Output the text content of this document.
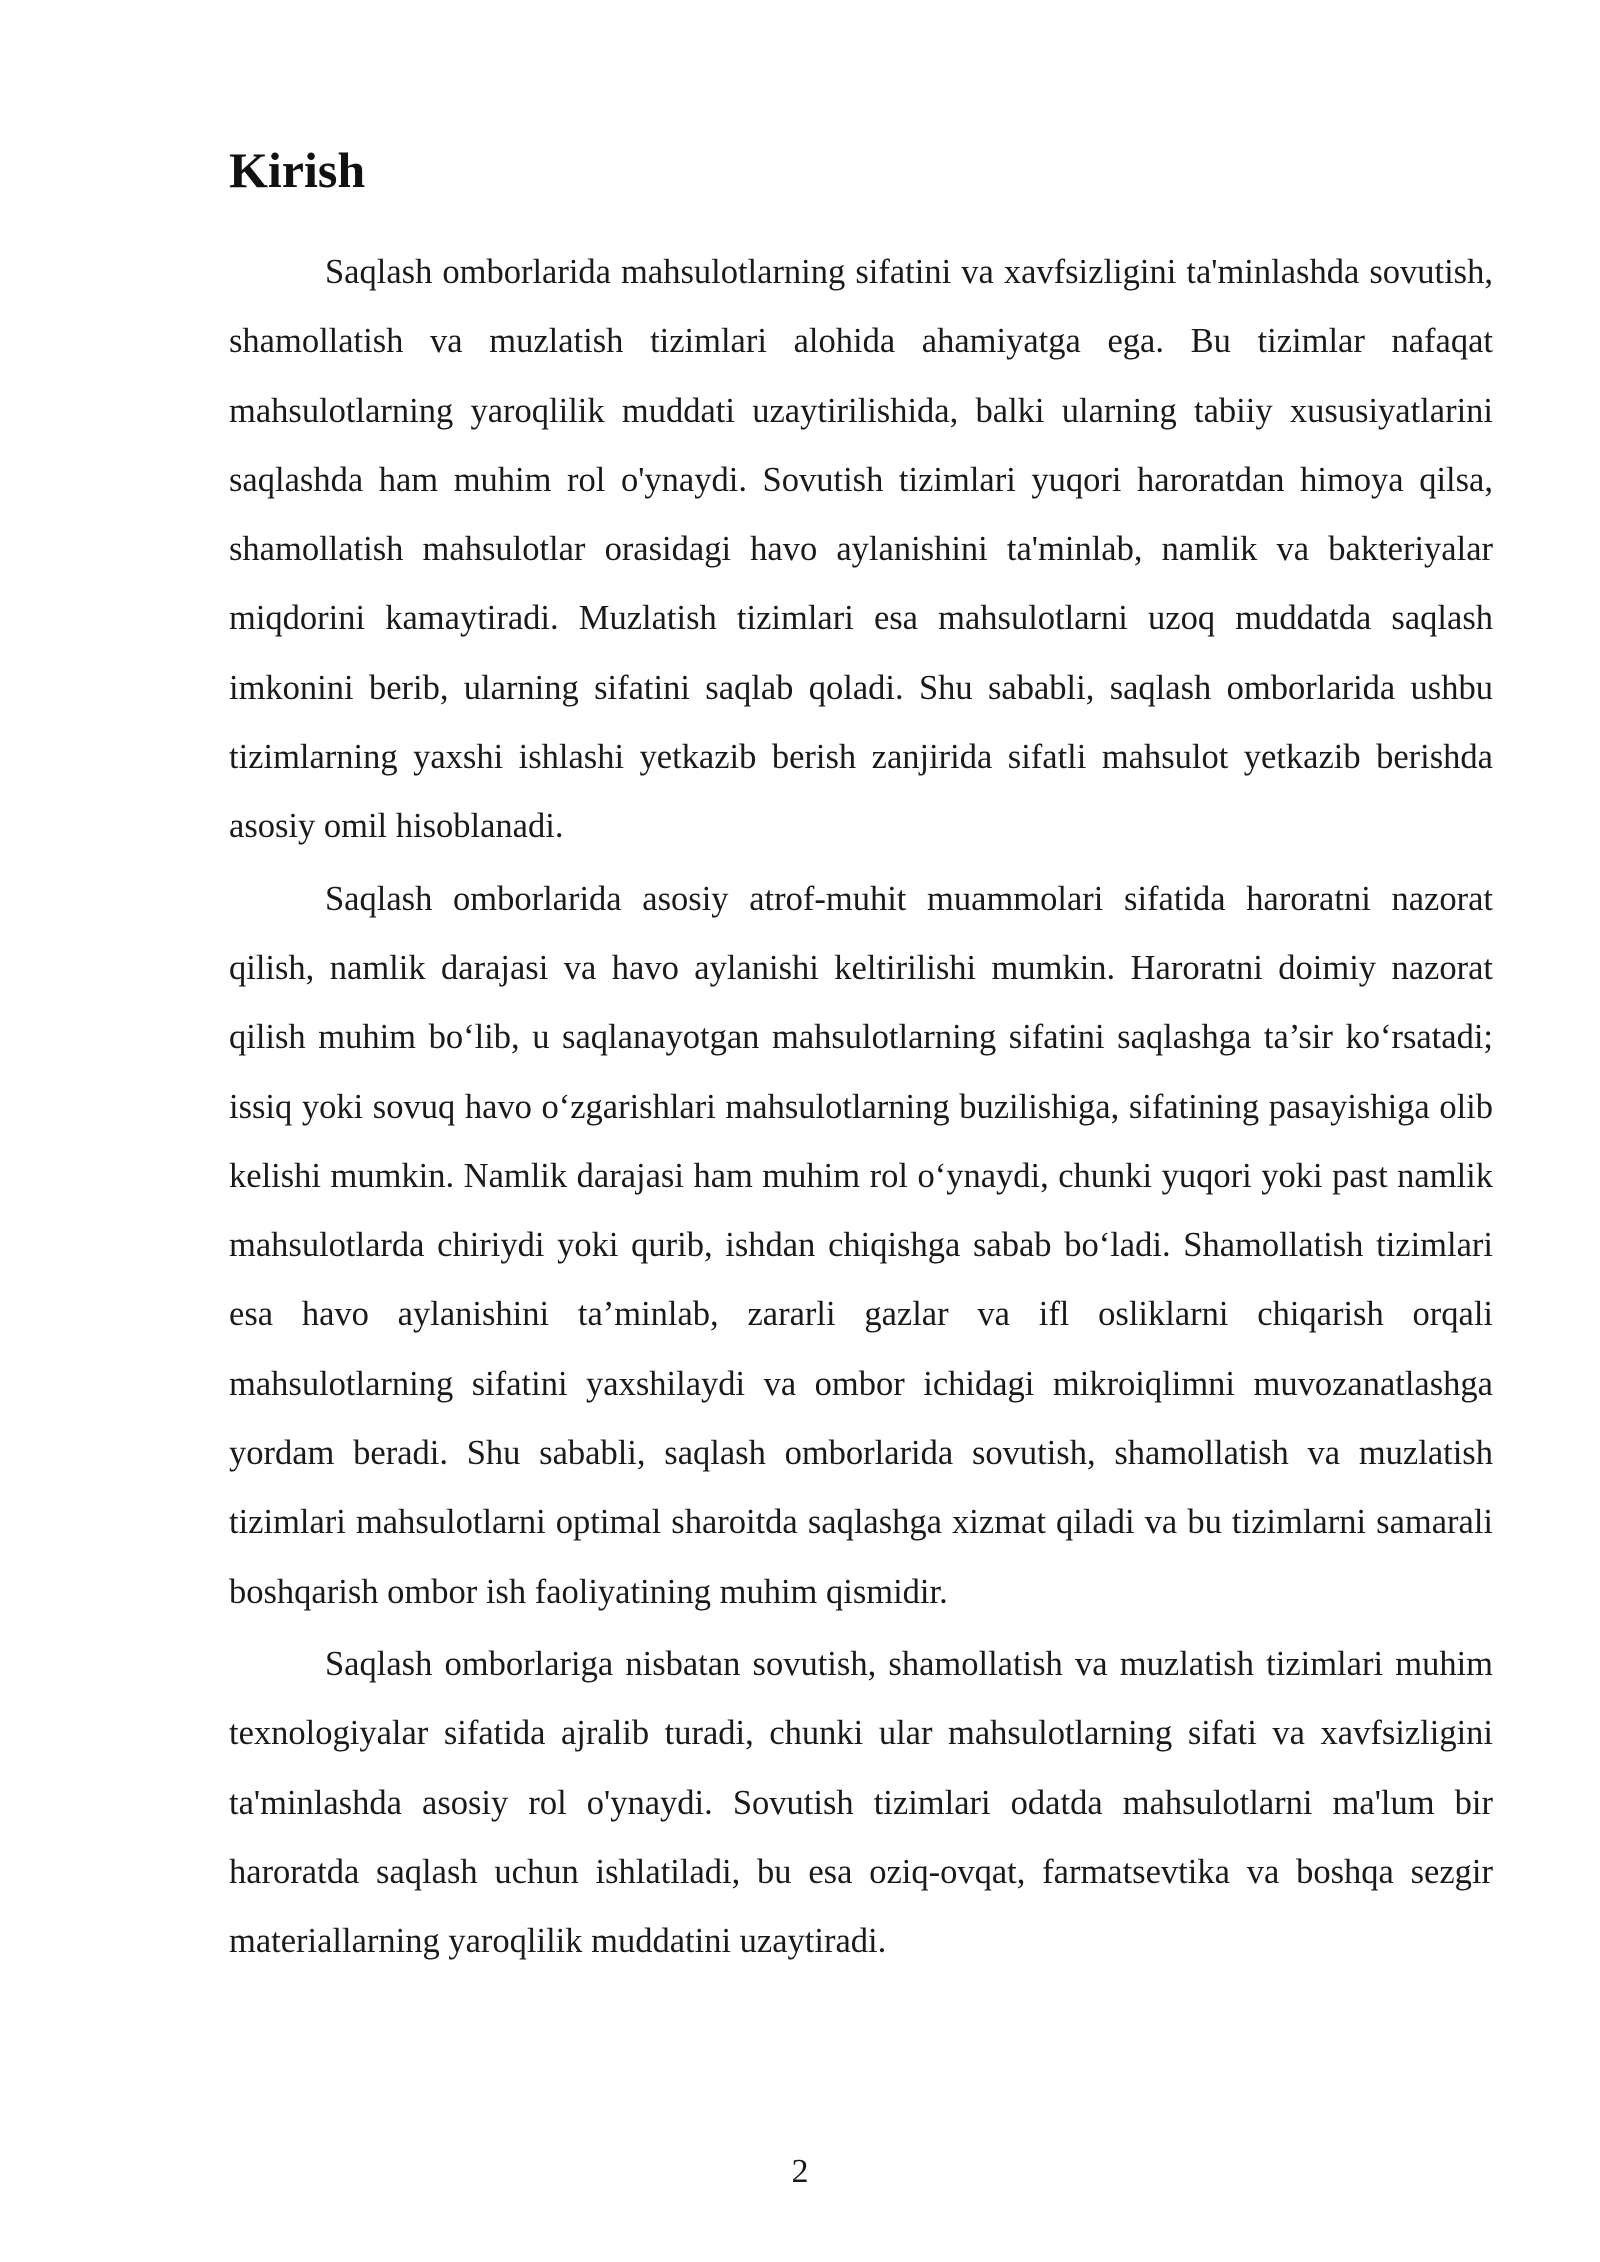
Kirish

Saqlash omborlarida mahsulotlarning sifatini va xavfsizligini ta'minlashda sovutish, shamollatish va muzlatish tizimlari alohida ahamiyatga ega. Bu tizimlar nafaqat mahsulotlarning yaroqlilik muddati uzaytirilishida, balki ularning tabiiy xususiyatlarini saqlashda ham muhim rol o'ynaydi. Sovutish tizimlari yuqori haroratdan himoya qilsa, shamollatish mahsulotlar orasidagi havo aylanishini ta'minlab, namlik va bakteriyalar miqdorini kamaytiradi. Muzlatish tizimlari esa mahsulotlarni uzoq muddatda saqlash imkonini berib, ularning sifatini saqlab qoladi. Shu sababli, saqlash omborlarida ushbu tizimlarning yaxshi ishlashi yetkazib berish zanjirida sifatli mahsulot yetkazib berishda asosiy omil hisoblanadi.

Saqlash omborlarida asosiy atrof-muhit muammolari sifatida haroratni nazorat qilish, namlik darajasi va havo aylanishi keltirilishi mumkin. Haroratni doimiy nazorat qilish muhim bo‘lib, u saqlanayotgan mahsulotlarning sifatini saqlashga ta’sir ko‘rsatadi; issiq yoki sovuq havo o‘zgarishlari mahsulotlarning buzilishiga, sifatining pasayishiga olib kelishi mumkin. Namlik darajasi ham muhim rol o‘ynaydi, chunki yuqori yoki past namlik mahsulotlarda chiriydi yoki qurib, ishdan chiqishga sabab bo‘ladi. Shamollatish tizimlari esa havo aylanishini ta’minlab, zararli gazlar va ifl osliklarni chiqarish orqali mahsulotlarning sifatini yaxshilaydi va ombor ichidagi mikroiqlimni muvozanatlashga yordam beradi. Shu sababli, saqlash omborlarida sovutish, shamollatish va muzlatish tizimlari mahsulotlarni optimal sharoitda saqlashga xizmat qiladi va bu tizimlarni samarali boshqarish ombor ish faoliyatining muhim qismidir.

Saqlash omborlariga nisbatan sovutish, shamollatish va muzlatish tizimlari muhim texnologiyalar sifatida ajralib turadi, chunki ular mahsulotlarning sifati va xavfsizligini ta'minlashda asosiy rol o'ynaydi. Sovutish tizimlari odatda mahsulotlarni ma'lum bir haroratda saqlash uchun ishlatiladi, bu esa oziq-ovqat, farmatsevtika va boshqa sezgir materiallarning yaroqlilik muddatini uzaytiradi.

2
